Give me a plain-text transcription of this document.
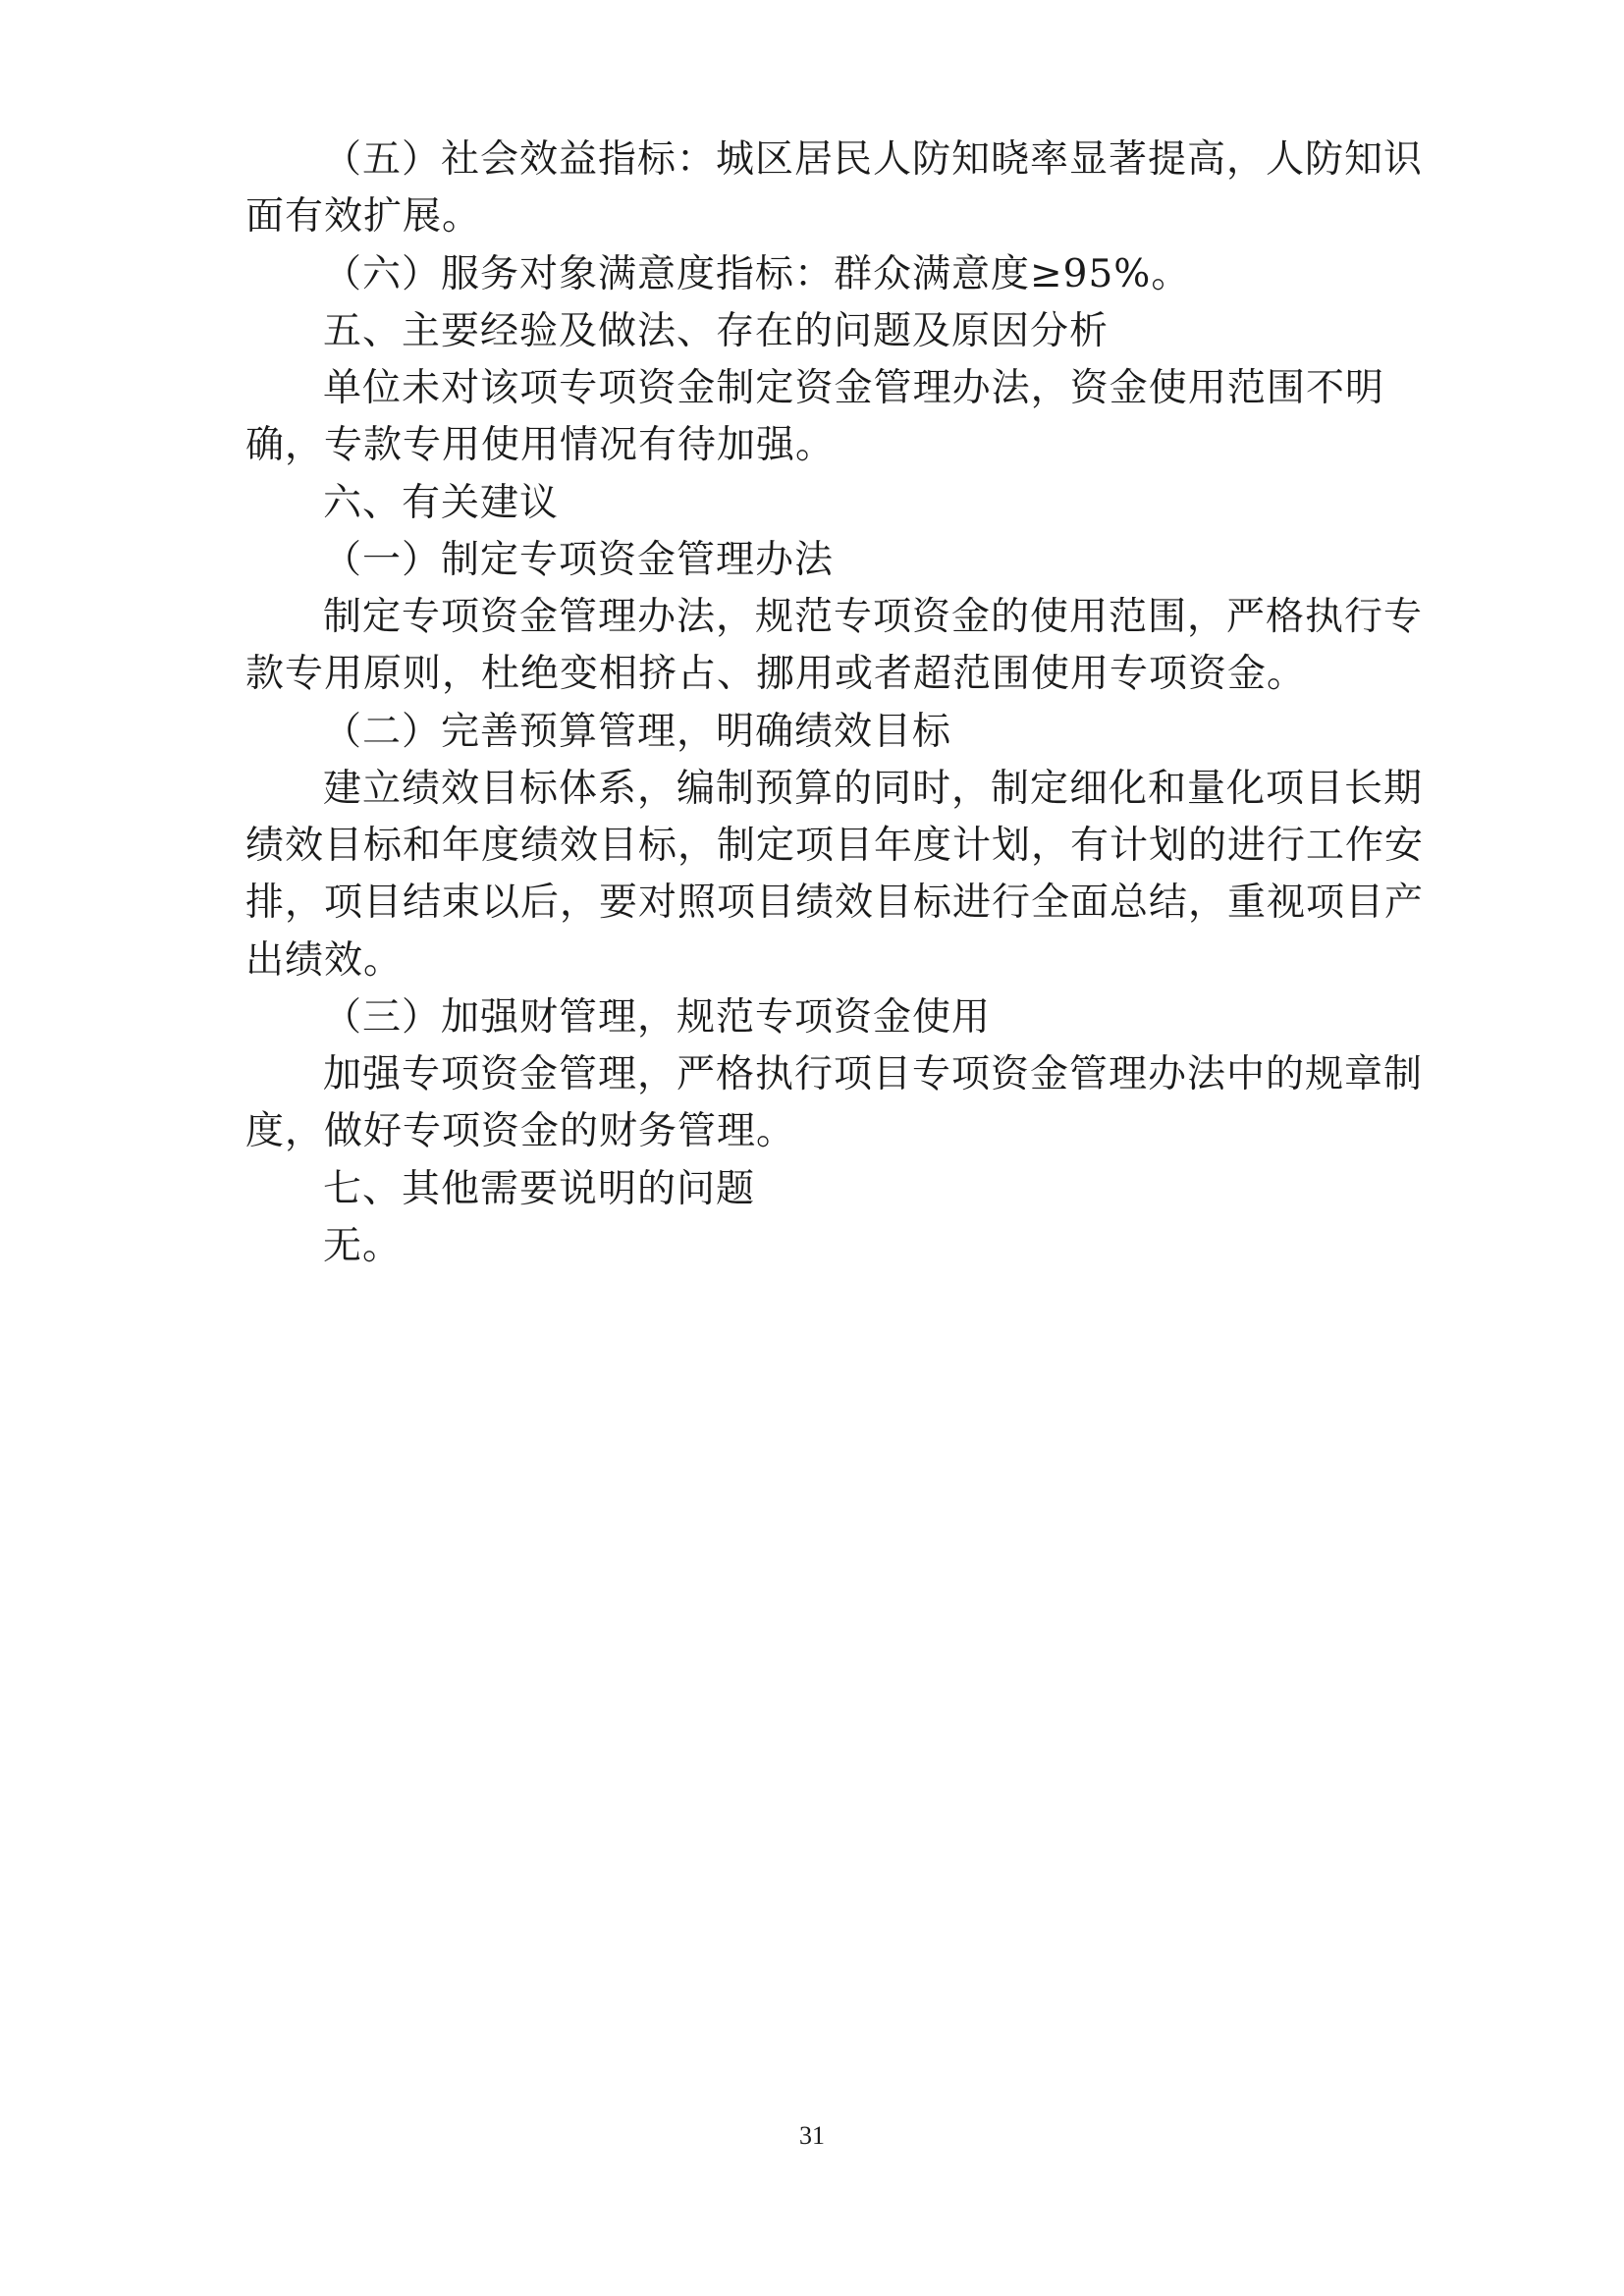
（五）社会效益指标：城区居民人防知晓率显著提高，人防知识
面有效扩展。
（六）服务对象满意度指标：群众满意度≥95%。
五、主要经验及做法、存在的问题及原因分析
单位未对该项专项资金制定资金管理办法，资金使用范围不明
确，专款专用使用情况有待加强。
六、有关建议
（一）制定专项资金管理办法
制定专项资金管理办法，规范专项资金的使用范围，严格执行专
款专用原则，杜绝变相挤占、挪用或者超范围使用专项资金。
（二）完善预算管理，明确绩效目标
建立绩效目标体系，编制预算的同时，制定细化和量化项目长期
绩效目标和年度绩效目标，制定项目年度计划，有计划的进行工作安
排，项目结束以后，要对照项目绩效目标进行全面总结，重视项目产
出绩效。
（三）加强财管理，规范专项资金使用
加强专项资金管理，严格执行项目专项资金管理办法中的规章制
度，做好专项资金的财务管理。
七、其他需要说明的问题
无。
31
